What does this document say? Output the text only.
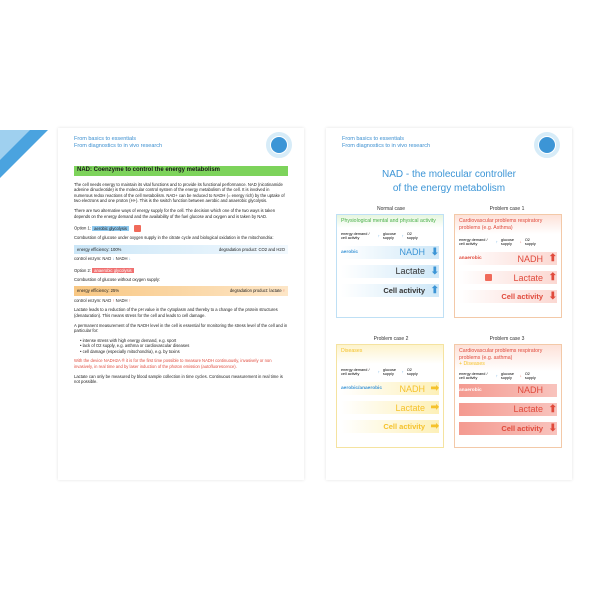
From basics to essentials
From diagnostics to in vivo research
NAD: Coenzyme to control the energy metabolism

The cell needs energy to maintain its vital functions and to provide its functional performance. NAD (nicotinamide adenine dinucleotide) is the molecular control system of the energy metabolism of the cell. It is involved in numerous redox reactions of the cell metabolism. NAD+ can be reduced to NADH (= energy rich) by the uptake of two electrons and one proton (H+). This is the switch function between aerobic and anaerobic glycolysis.

There are two alternative ways of energy supply for the cell. The decision which one of the two ways is taken depends on the energy demand and the availability of the fuel glucose and oxygen and is taken by NAD.

Option 1: aerobic glycolysis

Combustion of glucose under oxygen supply in the citrate cycle and biological oxidation in the mitochondria:

energy efficiency: 100%	degradation product: CO2 and H2O
control enzym: NAD ↓ NADH ↓
Option 2: anaerobic glycolysis

Combustion of glucose without oxygen supply:

energy efficiency: 25%	degradation product: lactate ↑
control enzym: NAD ↑ NADH ↑

Lactate leads to a reduction of the pH value in the cytoplasm and thereby to a change of the protein structures (denaturation). This means stress for the cell and leads to cell damage.

A permanent measurement of the NADH level in the cell is essential for monitoring the stress level of the cell and in particular for:

• intense stress with high energy demand, e.g. sport
• lack of O2 supply, e.g. asthma or cardiovascular diseases
• cell damage (especially mitochondria), e.g. by toxins

With the device NADH2A ® it is for the first time possible to measure NADH continuously, invasively or non invasively, in real time and by laser induction of the photon emission (autofluorescence).

Lactate can only be measured by blood sample collection in time cycles. Continuous measurement in real time is not possible.

From basics to essentials
From diagnostics to in vivo research
NAD - the molecular controller
of the energy metabolism
Normal case	Problem case 1
Physiological mental and physical activity
energy demand / cell activity	↑ glucose supply	↑ O2 supply
aerobic	NADH ⬇
Lactate ⬇
Cell activity ⬆
Cardiovascular problems respiratory problems (e.g. Asthma)
energy demand / cell activity	↑ glucose supply	↓ O2 supply
anaerobic	NADH ⬆
Lactate ⬆
Cell activity ⬇
Problem case 2	Problem case 3
Diseases
energy demand / cell activity	↑ glucose supply	↑ O2 supply
aerobic/anaerobic NADH ➡
Lactate ➡
Cell activity ➡
Cardiovascular problems respiratory problems (e.g. asthma)
+ Diseases
energy demand / cell activity	↑ glucose supply	↓ O2 supply
anaerobic	NADH
Lactate ⬆
Cell activity ⬇
